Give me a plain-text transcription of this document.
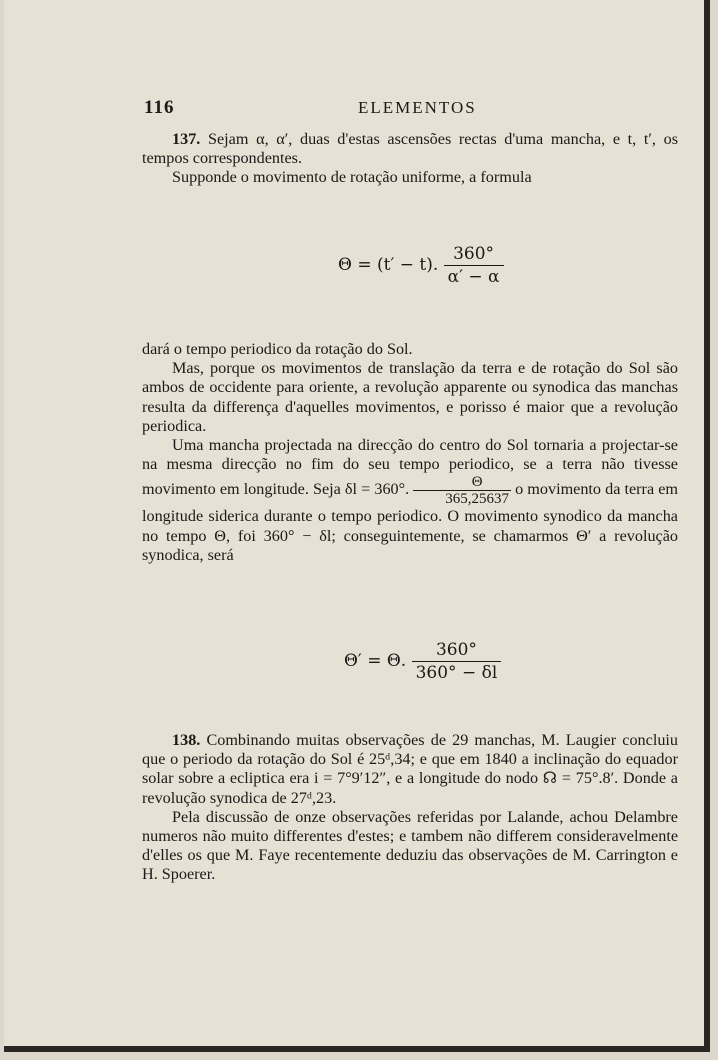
116	ELEMENTOS

137. Sejam α, α′, duas d'estas ascensões rectas d'uma mancha, e t, t′, os tempos correspondentes.

Supponde o movimento de rotação uniforme, a formula

Θ = (t′ − t). $\frac{360^\circ}{\alpha' - \alpha}$

dará o tempo periodico da rotação do Sol.

Mas, porque os movimentos de translação da terra e de rotação do Sol são ambos de occidente para oriente, a revolução apparente ou synodica das manchas resulta da differença d'aquelles movimentos, e porisso é maior que a revolução periodica.

Uma mancha projectada na direcção do centro do Sol tornaria a projectar-se na mesma direcção no fim do seu tempo periodico, se a terra não tivesse movimento em longitude. Seja δl = 360°. $\frac{\Theta}{365,25637}$ o movimento da terra em longitude siderica durante o tempo periodico. O movimento synodico da mancha no tempo Θ, foi 360° − δl; conseguintemente, se chamarmos Θ′ a revolução synodica, será

Θ′ = Θ. $\frac{360^\circ}{360^\circ - \delta l}$

138. Combinando muitas observações de 29 manchas, M. Laugier concluiu que o periodo da rotação do Sol é 25ᵈ,34; e que em 1840 a inclinação do equador solar sobre a ecliptica era i = 7°9′12″, e a longitude do nodo ☊ = 75°.8′. Donde a revolução synodica de 27ᵈ,23.

Pela discussão de onze observações referidas por Lalande, achou Delambre numeros não muito differentes d'estes; e tambem não differem consideravelmente d'elles os que M. Faye recentemente deduziu das observações de M. Carrington e H. Spoerer.
